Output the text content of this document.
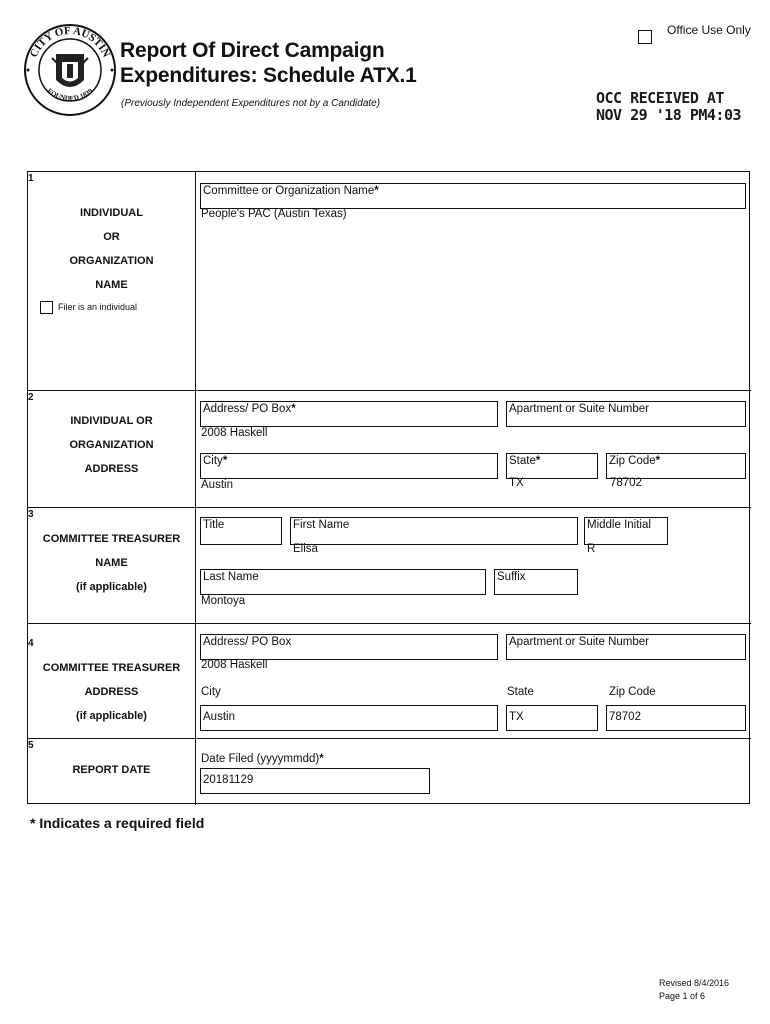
CITY OF AUSTIN
FOUNDED 1839
Report Of Direct Campaign
Expenditures: Schedule ATX.1
(Previously Independent Expenditures not by a Candidate)
Office Use Only
OCC RECEIVED AT
NOV 29 '18 PM4:03
1
INDIVIDUAL
OR
ORGANIZATION
NAME
Filer is an individual
Committee or Organization Name*
People's PAC (Austin Texas)
2
INDIVIDUAL OR
ORGANIZATION
ADDRESS
Address/ PO Box*
2008 Haskell
Apartment or Suite Number
City*
Austin
State*
TX
Zip Code*
78702
3
COMMITTEE TREASURER
NAME
(if applicable)
Title	First Name
Elisa
Middle Initial
R
Last Name
Montoya
Suffix
4
COMMITTEE TREASURER
ADDRESS
(if applicable)
Address/ PO Box
2008 Haskell
Apartment or Suite Number
City	State	Zip Code
Austin	TX	78702
5
REPORT DATE
Date Filed (yyyymmdd)*
20181129
* Indicates a required field
Revised 8/4/2016
Page 1 of 6
